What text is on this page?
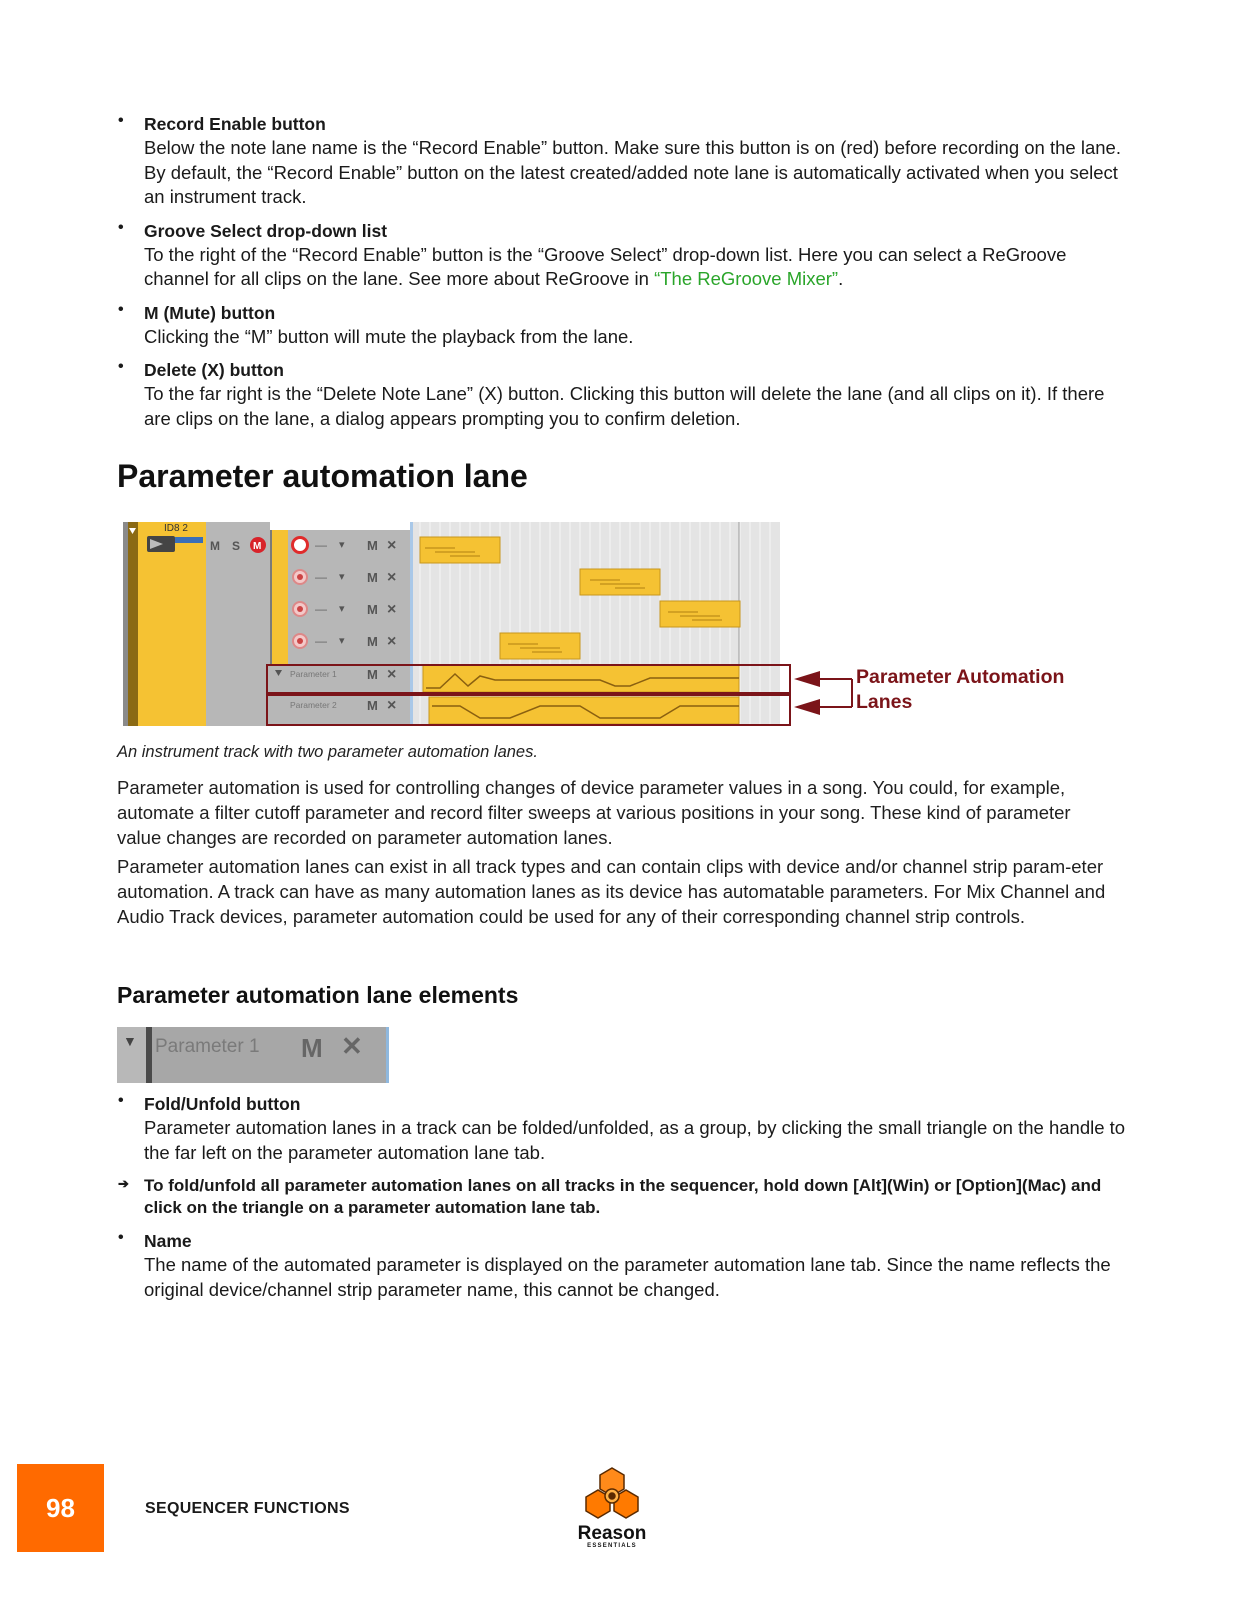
• Record Enable button
Below the note lane name is the “Record Enable” button. Make sure this button is on (red) before recording on the lane. By default, the “Record Enable” button on the latest created/added note lane is automatically activated when you select an instrument track.
• Groove Select drop-down list
To the right of the “Record Enable” button is the “Groove Select” drop-down list. Here you can select a ReGroove channel for all clips on the lane. See more about ReGroove in “The ReGroove Mixer”.
• M (Mute) button
Clicking the “M” button will mute the playback from the lane.
• Delete (X) button
To the far right is the “Delete Note Lane” (X) button. Clicking this button will delete the lane (and all clips on it). If there are clips on the lane, a dialog appears prompting you to confirm deletion.
Parameter automation lane
ID8 2
M S M	— ▾ M ×
— ▾ M ×
— ▾ M ×
— ▾ M ×
Parameter 1 M ×
Parameter 2 M ×
Parameter Automation Lanes
An instrument track with two parameter automation lanes.
Parameter automation is used for controlling changes of device parameter values in a song. You could, for example, automate a filter cutoff parameter and record filter sweeps at various positions in your song. These kind of parameter value changes are recorded on parameter automation lanes.
Parameter automation lanes can exist in all track types and can contain clips with device and/or channel strip param-eter automation. A track can have as many automation lanes as its device has automatable parameters. For Mix Channel and Audio Track devices, parameter automation could be used for any of their corresponding channel strip controls.
Parameter automation lane elements
▼ Parameter 1 M ✕
• Fold/Unfold button
Parameter automation lanes in a track can be folded/unfolded, as a group, by clicking the small triangle on the handle to the far left on the parameter automation lane tab.
➔ To fold/unfold all parameter automation lanes on all tracks in the sequencer, hold down [Alt](Win) or [Option](Mac) and click on the triangle on a parameter automation lane tab.
• Name
The name of the automated parameter is displayed on the parameter automation lane tab. Since the name reflects the original device/channel strip parameter name, this cannot be changed.
98	SEQUENCER FUNCTIONS
Reason
ESSENTIALS
